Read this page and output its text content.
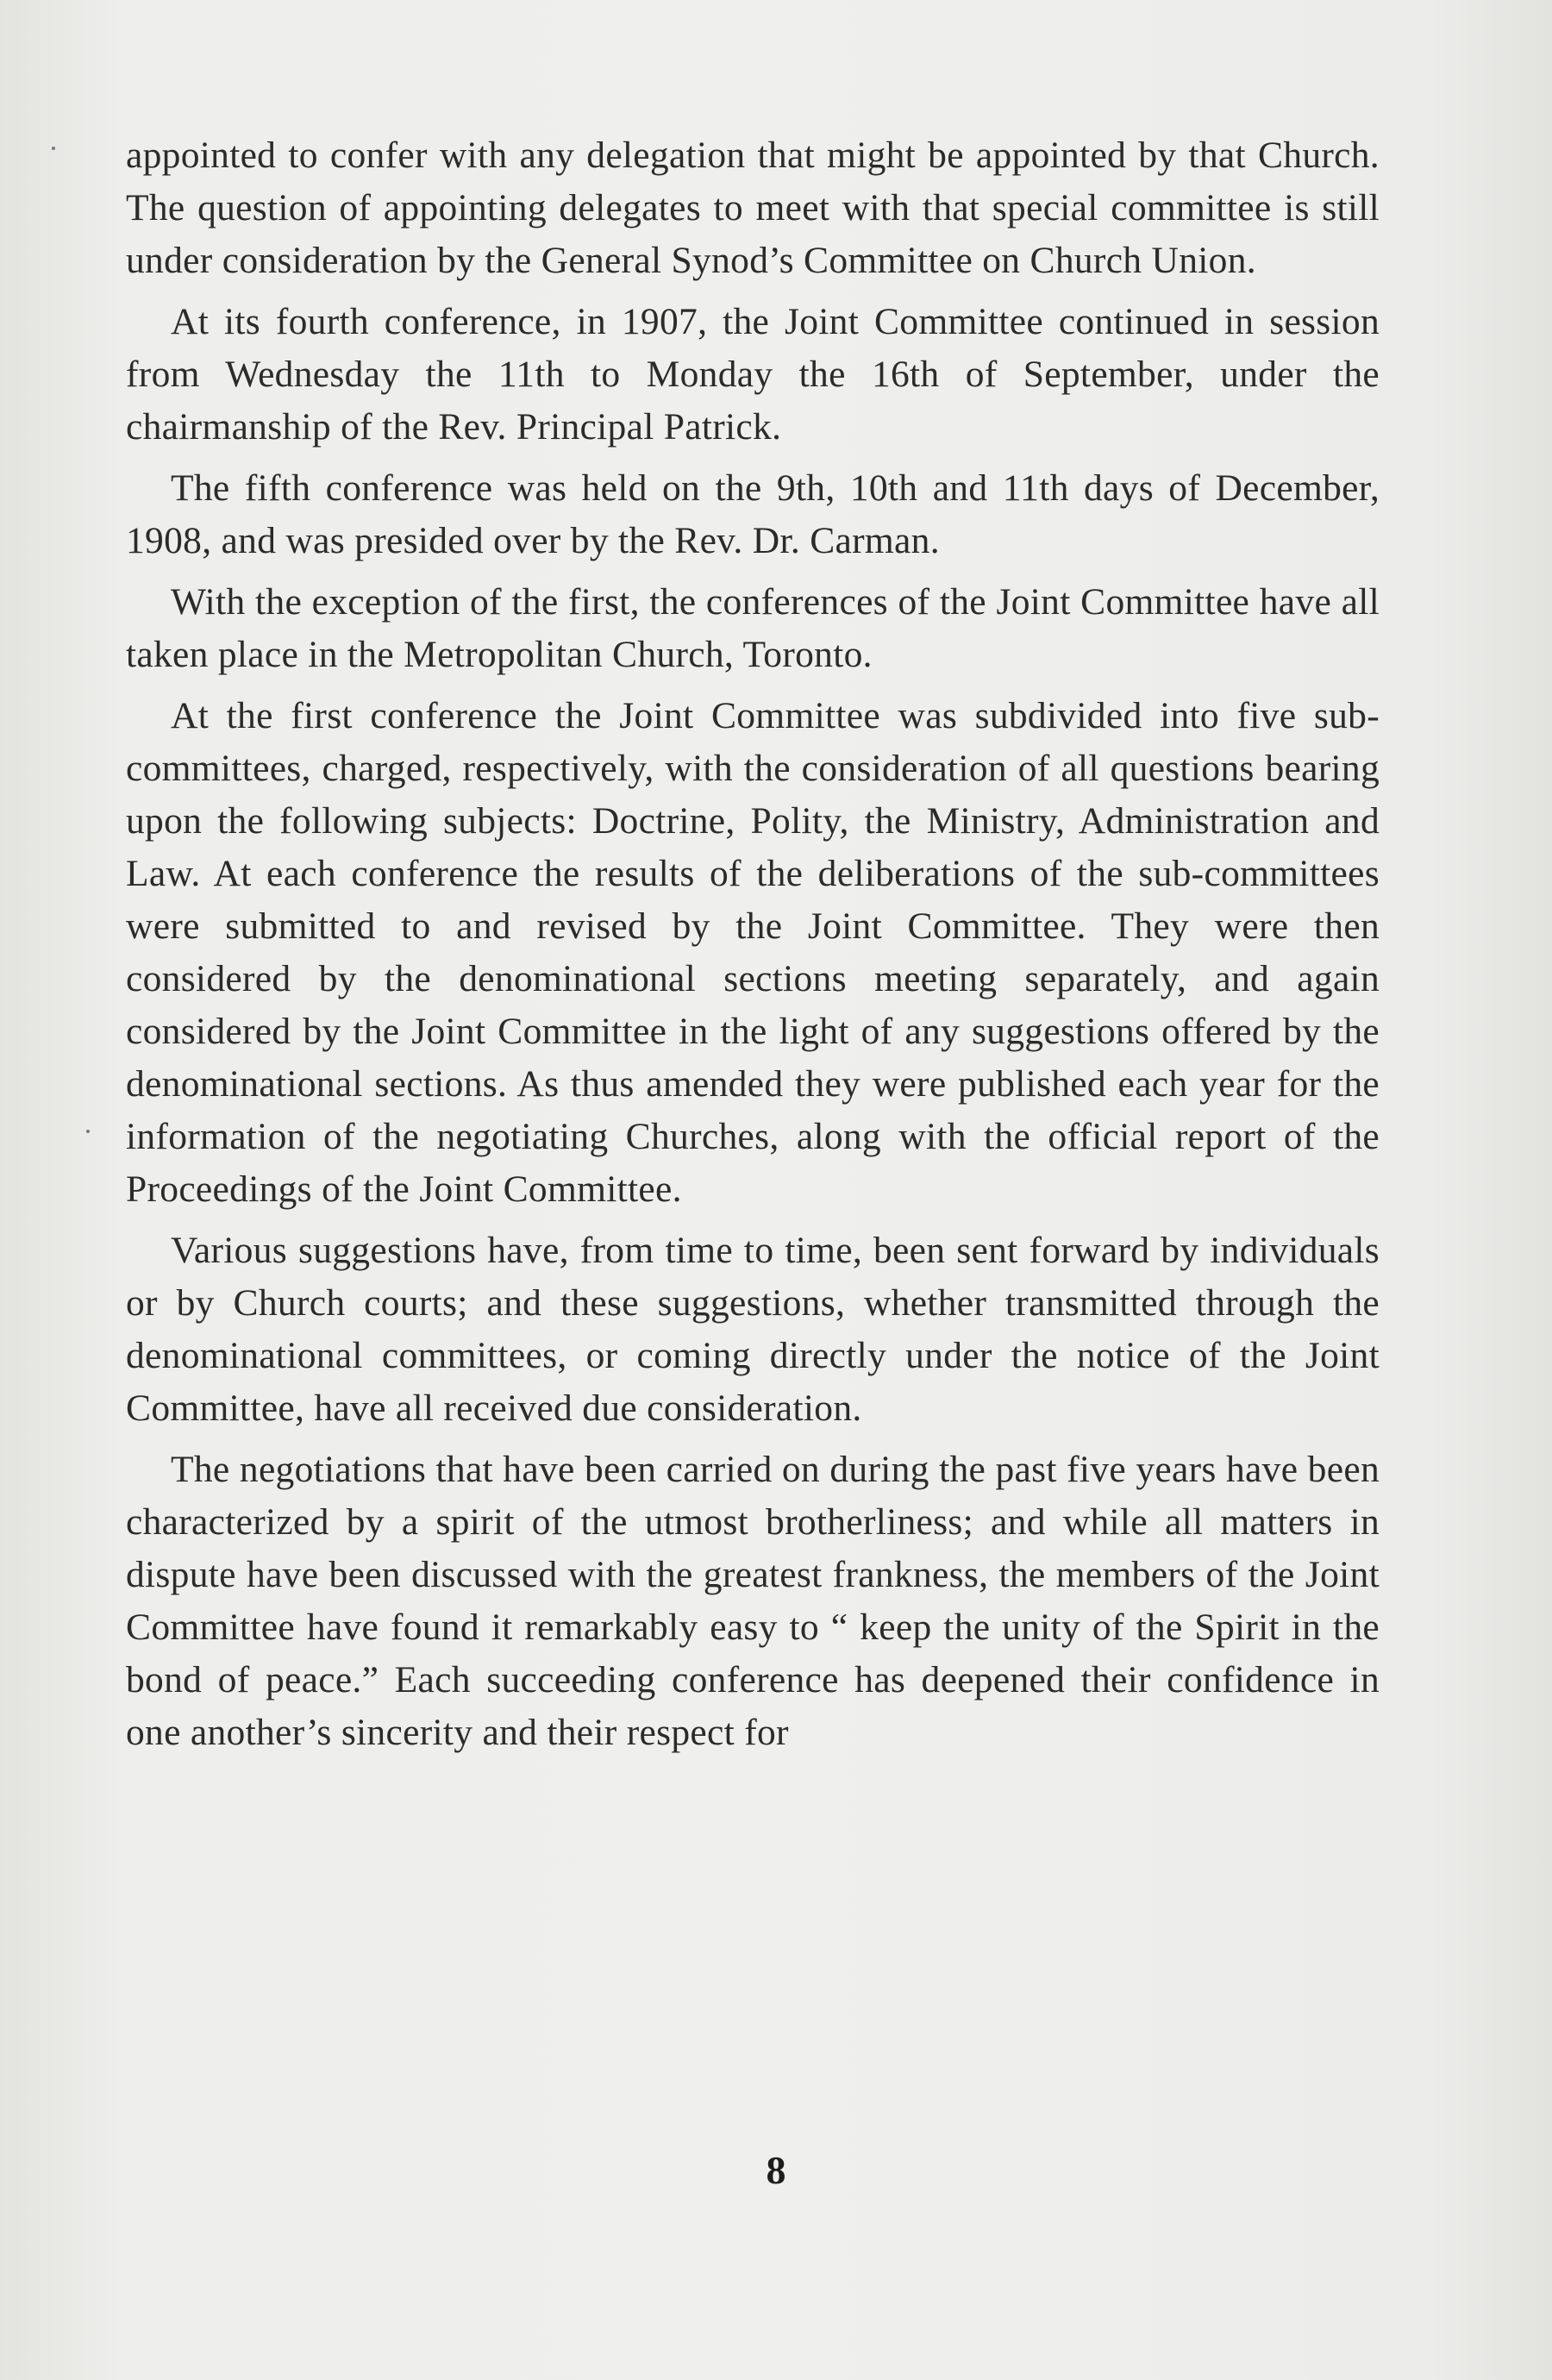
appointed to confer with any delegation that might be appointed by that Church. The question of appointing delegates to meet with that special committee is still under consideration by the General Synod’s Committee on Church Union.

At its fourth conference, in 1907, the Joint Committee continued in session from Wednesday the 11th to Monday the 16th of September, under the chairmanship of the Rev. Principal Patrick.

The fifth conference was held on the 9th, 10th and 11th days of December, 1908, and was presided over by the Rev. Dr. Carman.

With the exception of the first, the conferences of the Joint Committee have all taken place in the Metropolitan Church, Toronto.

At the first conference the Joint Committee was subdivided into five sub-committees, charged, respectively, with the consideration of all questions bearing upon the following subjects: Doctrine, Polity, the Ministry, Administration and Law. At each conference the results of the deliberations of the sub-committees were submitted to and revised by the Joint Committee. They were then considered by the denominational sections meeting separately, and again considered by the Joint Committee in the light of any suggestions offered by the denominational sections. As thus amended they were published each year for the information of the negotiating Churches, along with the official report of the Proceedings of the Joint Committee.

Various suggestions have, from time to time, been sent forward by individuals or by Church courts; and these suggestions, whether transmitted through the denominational committees, or coming directly under the notice of the Joint Committee, have all received due consideration.

The negotiations that have been carried on during the past five years have been characterized by a spirit of the utmost brotherliness; and while all matters in dispute have been discussed with the greatest frankness, the members of the Joint Committee have found it remarkably easy to “ keep the unity of the Spirit in the bond of peace.” Each succeeding conference has deepened their confidence in one another’s sincerity and their respect for

8
